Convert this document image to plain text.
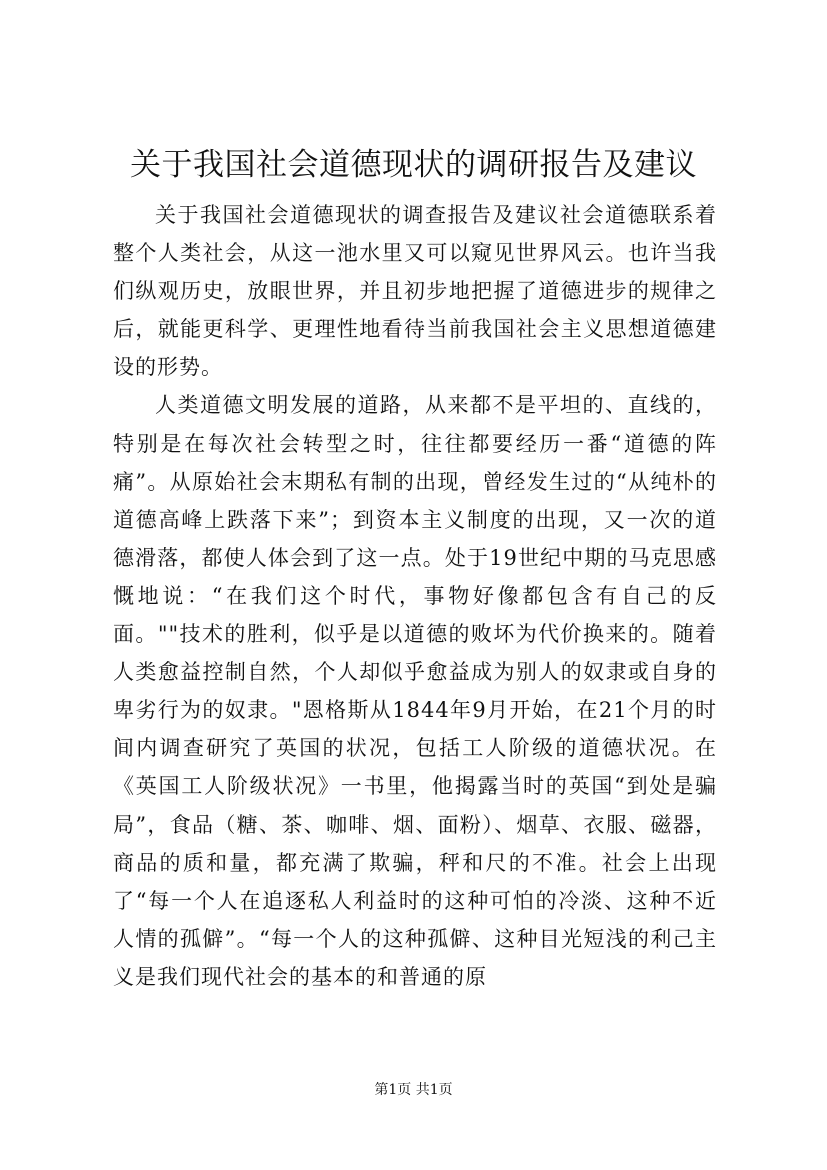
关于我国社会道德现状的调研报告及建议

关于我国社会道德现状的调查报告及建议社会道德联系着整个人类社会，从这一池水里又可以窥见世界风云。也许当我们纵观历史，放眼世界，并且初步地把握了道德进步的规律之后，就能更科学、更理性地看待当前我国社会主义思想道德建设的形势。

人类道德文明发展的道路，从来都不是平坦的、直线的，特别是在每次社会转型之时，往往都要经历一番“道德的阵痛”。从原始社会末期私有制的出现，曾经发生过的“从纯朴的道德高峰上跌落下来”；到资本主义制度的出现，又一次的道德滑落，都使人体会到了这一点。处于19世纪中期的马克思感慨地说：“在我们这个时代，事物好像都包含有自己的反面。""技术的胜利，似乎是以道德的败坏为代价换来的。随着人类愈益控制自然，个人却似乎愈益成为别人的奴隶或自身的卑劣行为的奴隶。"恩格斯从1844年9月开始，在21个月的时间内调查研究了英国的状况，包括工人阶级的道德状况。在《英国工人阶级状况》一书里，他揭露当时的英国“到处是骗局”，食品（糖、茶、咖啡、烟、面粉）、烟草、衣服、磁器，商品的质和量，都充满了欺骗，秤和尺的不准。社会上出现了“每一个人在追逐私人利益时的这种可怕的冷淡、这种不近人情的孤僻”。“每一个人的这种孤僻、这种目光短浅的利己主义是我们现代社会的基本的和普通的原

第1页 共1页
